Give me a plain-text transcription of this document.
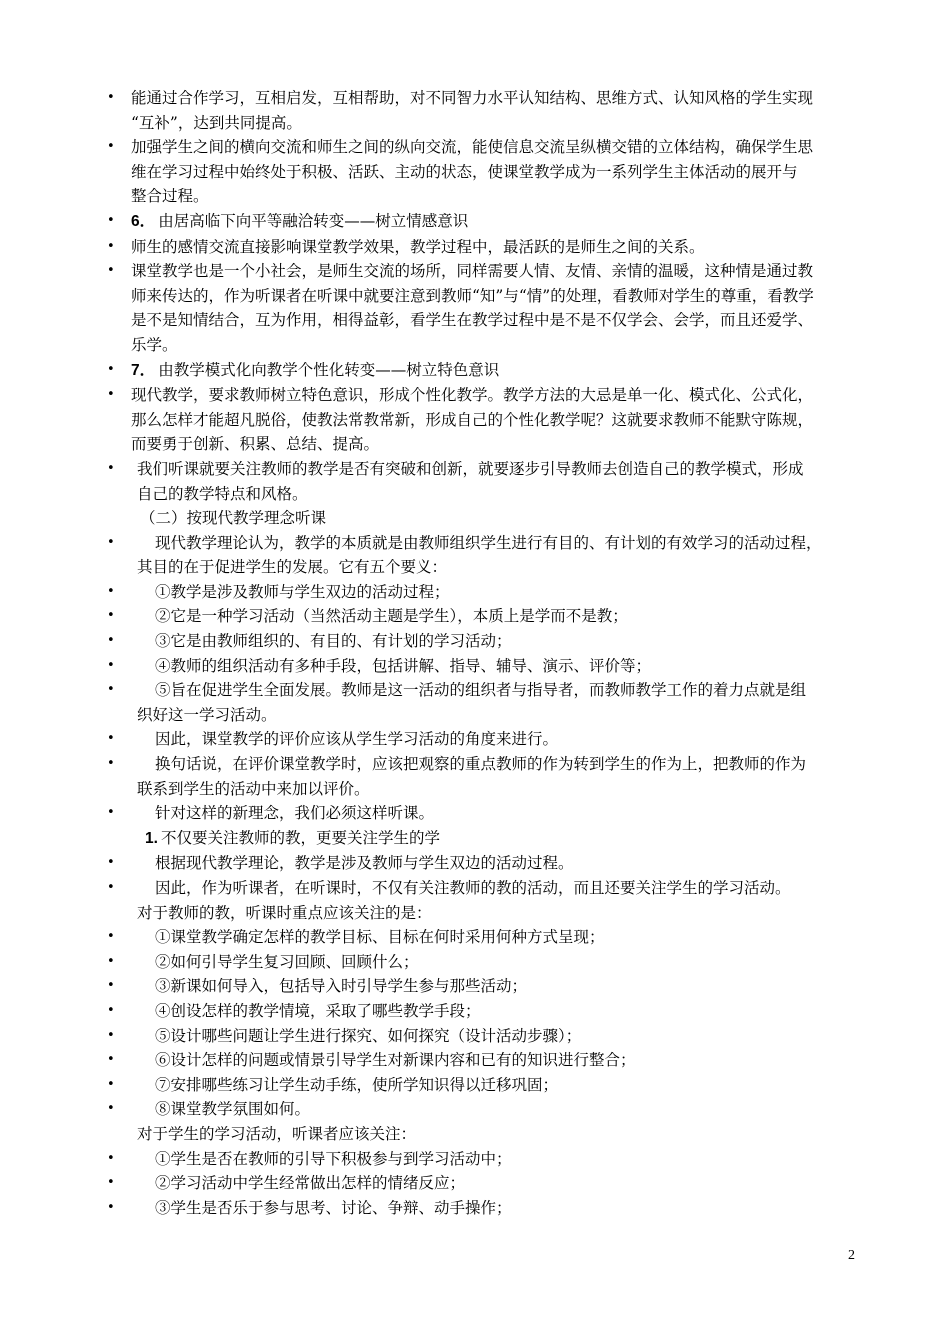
• 能通过合作学习，互相启发，互相帮助，对不同智力水平认知结构、思维方式、认知风格的学生实现
“互补”，达到共同提高。
• 加强学生之间的横向交流和师生之间的纵向交流，能使信息交流呈纵横交错的立体结构，确保学生思
维在学习过程中始终处于积极、活跃、主动的状态，使课堂教学成为一系列学生主体活动的展开与
整合过程。
• 6．  由居高临下向平等融洽转变——树立情感意识
• 师生的感情交流直接影响课堂教学效果，教学过程中，最活跃的是师生之间的关系。
• 课堂教学也是一个小社会，是师生交流的场所，同样需要人情、友情、亲情的温暖，这种情是通过教
师来传达的，作为听课者在听课中就要注意到教师“知”与“情”的处理，看教师对学生的尊重，看教学
是不是知情结合，互为作用，相得益彰，看学生在教学过程中是不是不仅学会、会学，而且还爱学、
乐学。
• 7．  由教学模式化向教学个性化转变——树立特色意识
• 现代教学，要求教师树立特色意识，形成个性化教学。教学方法的大忌是单一化、模式化、公式化，
那么怎样才能超凡脱俗，使教法常教常新，形成自己的个性化教学呢？这就要求教师不能默守陈规，
而要勇于创新、积累、总结、提高。
• 我们听课就要关注教师的教学是否有突破和创新，就要逐步引导教师去创造自己的教学模式，形成
自己的教学特点和风格。
（二）按现代教学理念听课
•	现代教学理论认为，教学的本质就是由教师组织学生进行有目的、有计划的有效学习的活动过程，
其目的在于促进学生的发展。它有五个要义：
•	①教学是涉及教师与学生双边的活动过程；
•	②它是一种学习活动（当然活动主题是学生），本质上是学而不是教；
•	③它是由教师组织的、有目的、有计划的学习活动；
•	④教师的组织活动有多种手段，包括讲解、指导、辅导、演示、评价等；
•	⑤旨在促进学生全面发展。教师是这一活动的组织者与指导者，而教师教学工作的着力点就是组
织好这一学习活动。
•	因此，课堂教学的评价应该从学生学习活动的角度来进行。
•	换句话说，在评价课堂教学时，应该把观察的重点教师的作为转到学生的作为上，把教师的作为
联系到学生的活动中来加以评价。
•	针对这样的新理念，我们必须这样听课。
1.  不仅要关注教师的教，更要关注学生的学
•	根据现代教学理论，教学是涉及教师与学生双边的活动过程。
•	因此，作为听课者，在听课时，不仅有关注教师的教的活动，而且还要关注学生的学习活动。
对于教师的教，听课时重点应该关注的是：
•	①课堂教学确定怎样的教学目标、目标在何时采用何种方式呈现；
•	②如何引导学生复习回顾、回顾什么；
•	③新课如何导入，包括导入时引导学生参与那些活动；
•	④创设怎样的教学情境，采取了哪些教学手段；
•	⑤设计哪些问题让学生进行探究、如何探究（设计活动步骤）；
•	⑥设计怎样的问题或情景引导学生对新课内容和已有的知识进行整合；
•	⑦安排哪些练习让学生动手练，使所学知识得以迁移巩固；
•	⑧课堂教学氛围如何。
对于学生的学习活动，听课者应该关注：
•	①学生是否在教师的引导下积极参与到学习活动中；
•	②学习活动中学生经常做出怎样的情绪反应；
•	③学生是否乐于参与思考、讨论、争辩、动手操作；
2
